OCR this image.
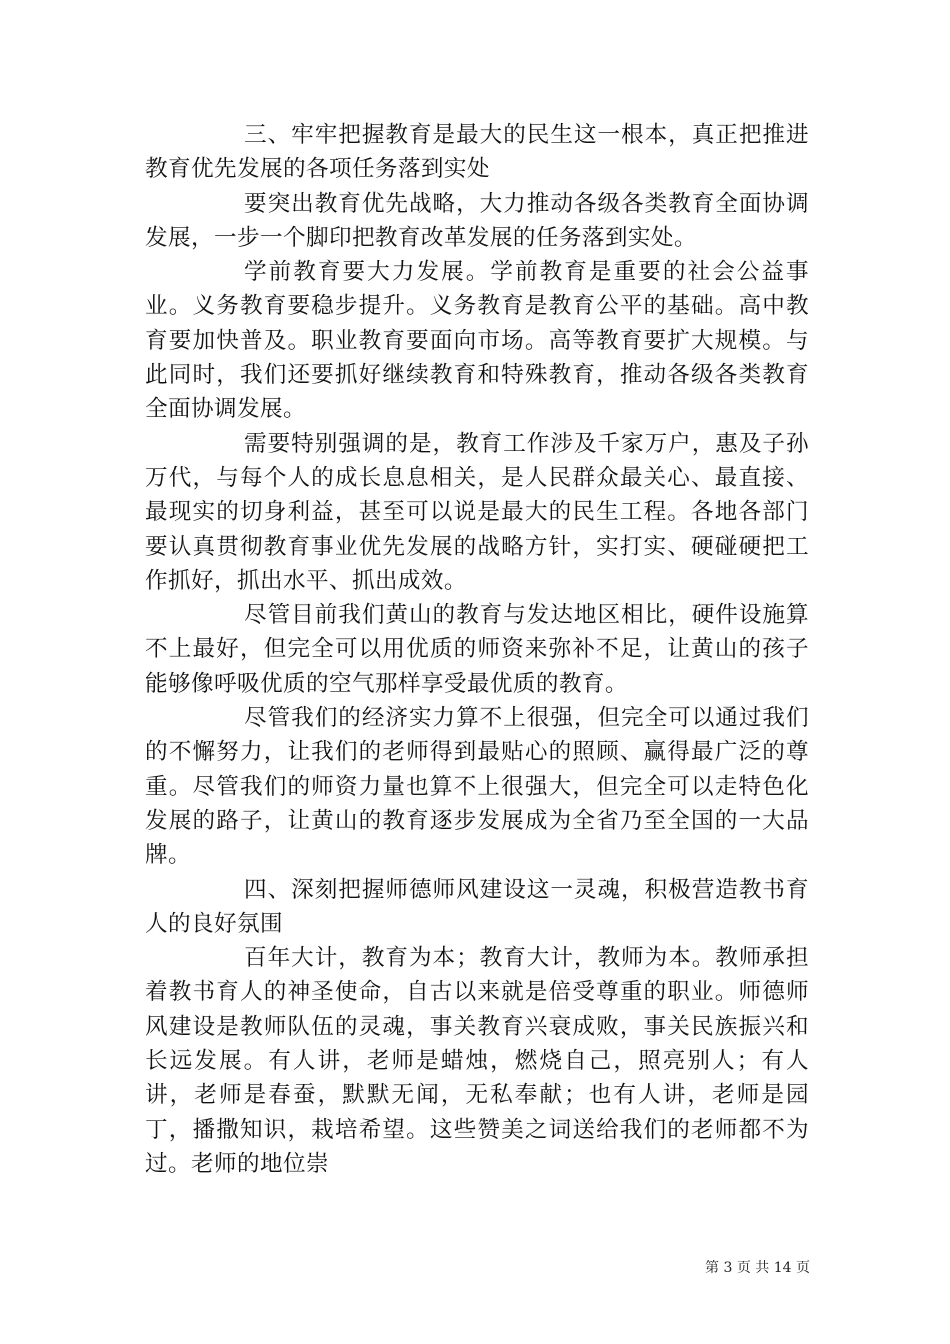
三、牢牢把握教育是最大的民生这一根本，真正把推进教育优先发展的各项任务落到实处

要突出教育优先战略，大力推动各级各类教育全面协调发展，一步一个脚印把教育改革发展的任务落到实处。

学前教育要大力发展。学前教育是重要的社会公益事业。义务教育要稳步提升。义务教育是教育公平的基础。高中教育要加快普及。职业教育要面向市场。高等教育要扩大规模。与此同时，我们还要抓好继续教育和特殊教育，推动各级各类教育全面协调发展。

需要特别强调的是，教育工作涉及千家万户，惠及子孙万代，与每个人的成长息息相关，是人民群众最关心、最直接、最现实的切身利益，甚至可以说是最大的民生工程。各地各部门要认真贯彻教育事业优先发展的战略方针，实打实、硬碰硬把工作抓好，抓出水平、抓出成效。

尽管目前我们黄山的教育与发达地区相比，硬件设施算不上最好，但完全可以用优质的师资来弥补不足，让黄山的孩子能够像呼吸优质的空气那样享受最优质的教育。

尽管我们的经济实力算不上很强，但完全可以通过我们的不懈努力，让我们的老师得到最贴心的照顾、赢得最广泛的尊重。尽管我们的师资力量也算不上很强大，但完全可以走特色化发展的路子，让黄山的教育逐步发展成为全省乃至全国的一大品牌。

四、深刻把握师德师风建设这一灵魂，积极营造教书育人的良好氛围

百年大计，教育为本；教育大计，教师为本。教师承担着教书育人的神圣使命，自古以来就是倍受尊重的职业。师德师风建设是教师队伍的灵魂，事关教育兴衰成败，事关民族振兴和长远发展。有人讲，老师是蜡烛，燃烧自己，照亮别人；有人讲，老师是春蚕，默默无闻，无私奉献；也有人讲，老师是园丁，播撒知识，栽培希望。这些赞美之词送给我们的老师都不为过。老师的地位崇

第 3 页 共 14 页
